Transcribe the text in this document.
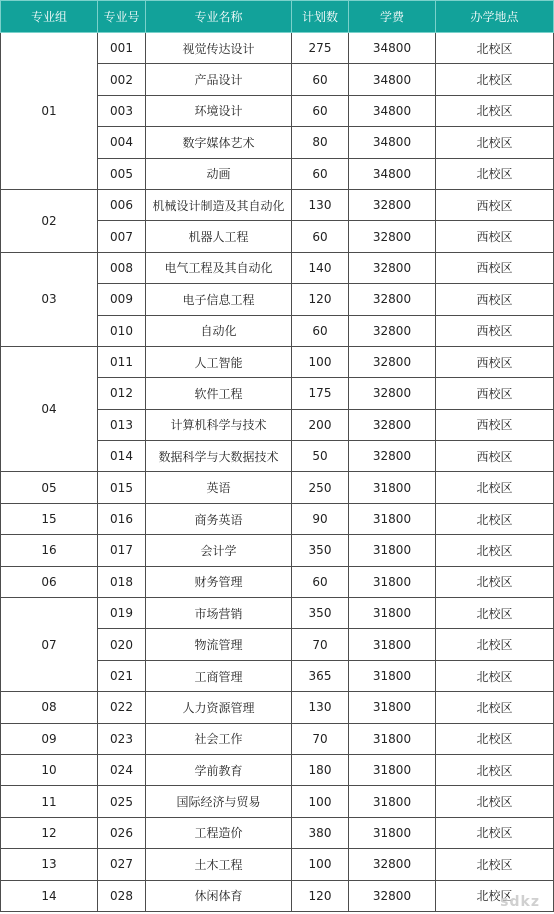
专业组	专业号	专业名称	计划数	学费	办学地点
01	001	视觉传达设计	275	34800	北校区
	002	产品设计	60	34800	北校区
	003	环境设计	60	34800	北校区
	004	数字媒体艺术	80	34800	北校区
	005	动画	60	34800	北校区
02	006	机械设计制造及其自动化	130	32800	西校区
	007	机器人工程	60	32800	西校区
03	008	电气工程及其自动化	140	32800	西校区
	009	电子信息工程	120	32800	西校区
	010	自动化	60	32800	西校区
04	011	人工智能	100	32800	西校区
	012	软件工程	175	32800	西校区
	013	计算机科学与技术	200	32800	西校区
	014	数据科学与大数据技术	50	32800	西校区
05	015	英语	250	31800	北校区
15	016	商务英语	90	31800	北校区
16	017	会计学	350	31800	北校区
06	018	财务管理	60	31800	北校区
07	019	市场营销	350	31800	北校区
	020	物流管理	70	31800	北校区
	021	工商管理	365	31800	北校区
08	022	人力资源管理	130	31800	北校区
09	023	社会工作	70	31800	北校区
10	024	学前教育	180	31800	北校区
11	025	国际经济与贸易	100	31800	北校区
12	026	工程造价	380	31800	北校区
13	027	土木工程	100	32800	北校区
14	028	休闲体育	120	32800	北校区
sdkz
